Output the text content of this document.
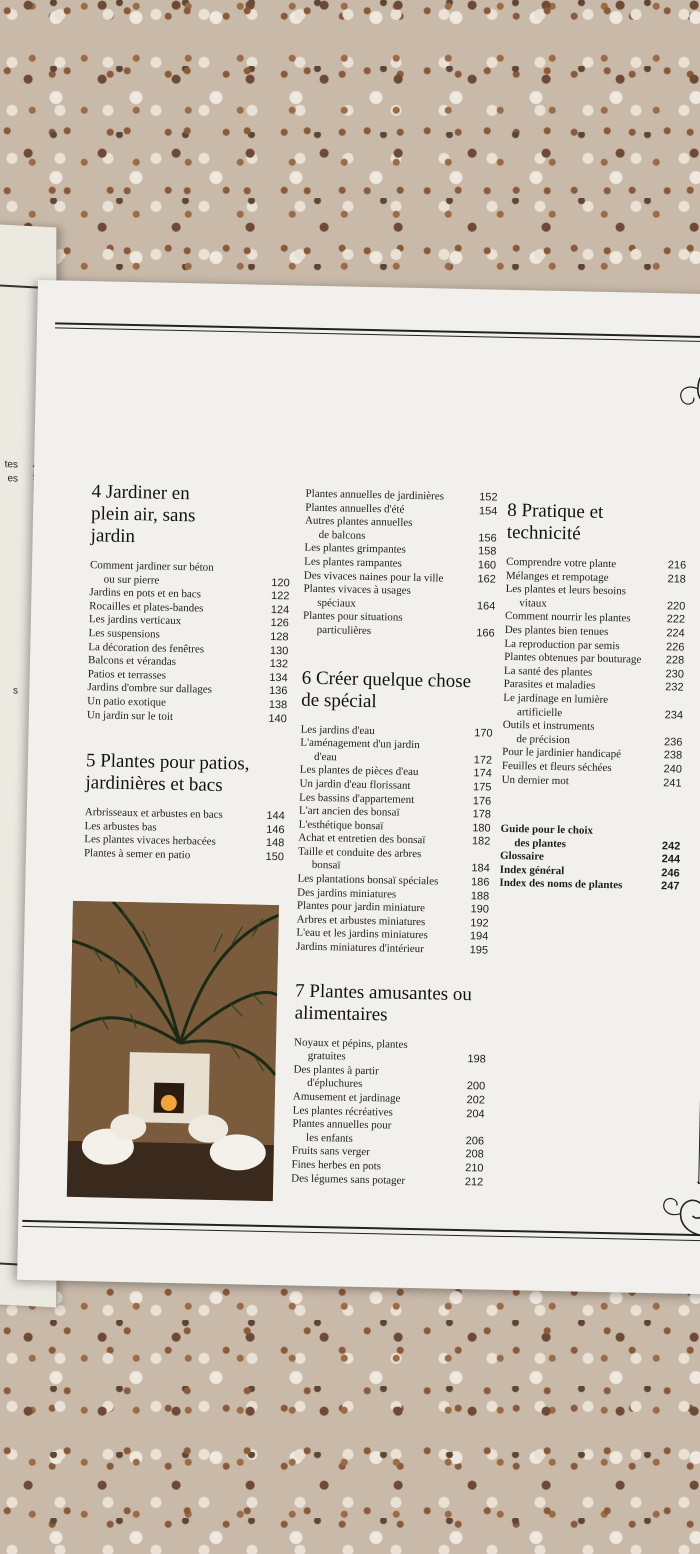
tes
es
s
4 Jardiner en plein air, sans jardin
Comment jardiner sur béton
ou sur pierre	120
Jardins en pots et en bacs	122
Rocailles et plates-bandes	124
Les jardins verticaux	126
Les suspensions	128
La décoration des fenêtres	130
Balcons et vérandas	132
Patios et terrasses	134
Jardins d'ombre sur dallages	136
Un patio exotique	138
Un jardin sur le toit	140
5 Plantes pour patios, jardinières et bacs
Arbrisseaux et arbustes en bacs	144
Les arbustes bas	146
Les plantes vivaces herbacées	148
Plantes à semer en patio	150
Plantes annuelles de jardinières	152
Plantes annuelles d'été	154
Autres plantes annuelles
de balcons	156
Les plantes grimpantes	158
Les plantes rampantes	160
Des vivaces naines pour la ville	162
Plantes vivaces à usages
spéciaux	164
Plantes pour situations
particulières	166
6 Créer quelque chose de spécial
Les jardins d'eau	170
L'aménagement d'un jardin
d'eau	172
Les plantes de pièces d'eau	174
Un jardin d'eau florissant	175
Les bassins d'appartement	176
L'art ancien des bonsaï	178
L'esthétique bonsaï	180
Achat et entretien des bonsaï	182
Taille et conduite des arbres
bonsaï	184
Les plantations bonsaï spéciales	186
Des jardins miniatures	188
Plantes pour jardin miniature	190
Arbres et arbustes miniatures	192
L'eau et les jardins miniatures	194
Jardins miniatures d'intérieur	195
7 Plantes amusantes ou alimentaires
Noyaux et pépins, plantes
gratuites	198
Des plantes à partir
d'épluchures	200
Amusement et jardinage	202
Les plantes récréatives	204
Plantes annuelles pour
les enfants	206
Fruits sans verger	208
Fines herbes en pots	210
Des légumes sans potager	212
8 Pratique et technicité
Comprendre votre plante	216
Mélanges et rempotage	218
Les plantes et leurs besoins
vitaux	220
Comment nourrir les plantes	222
Des plantes bien tenues	224
La reproduction par semis	226
Plantes obtenues par bouturage	228
La santé des plantes	230
Parasites et maladies	232
Le jardinage en lumière
artificielle	234
Outils et instruments
de précision	236
Pour le jardinier handicapé	238
Feuilles et fleurs séchées	240
Un dernier mot	241
Guide pour le choix
des plantes	242
Glossaire	244
Index général	246
Index des noms de plantes	247
